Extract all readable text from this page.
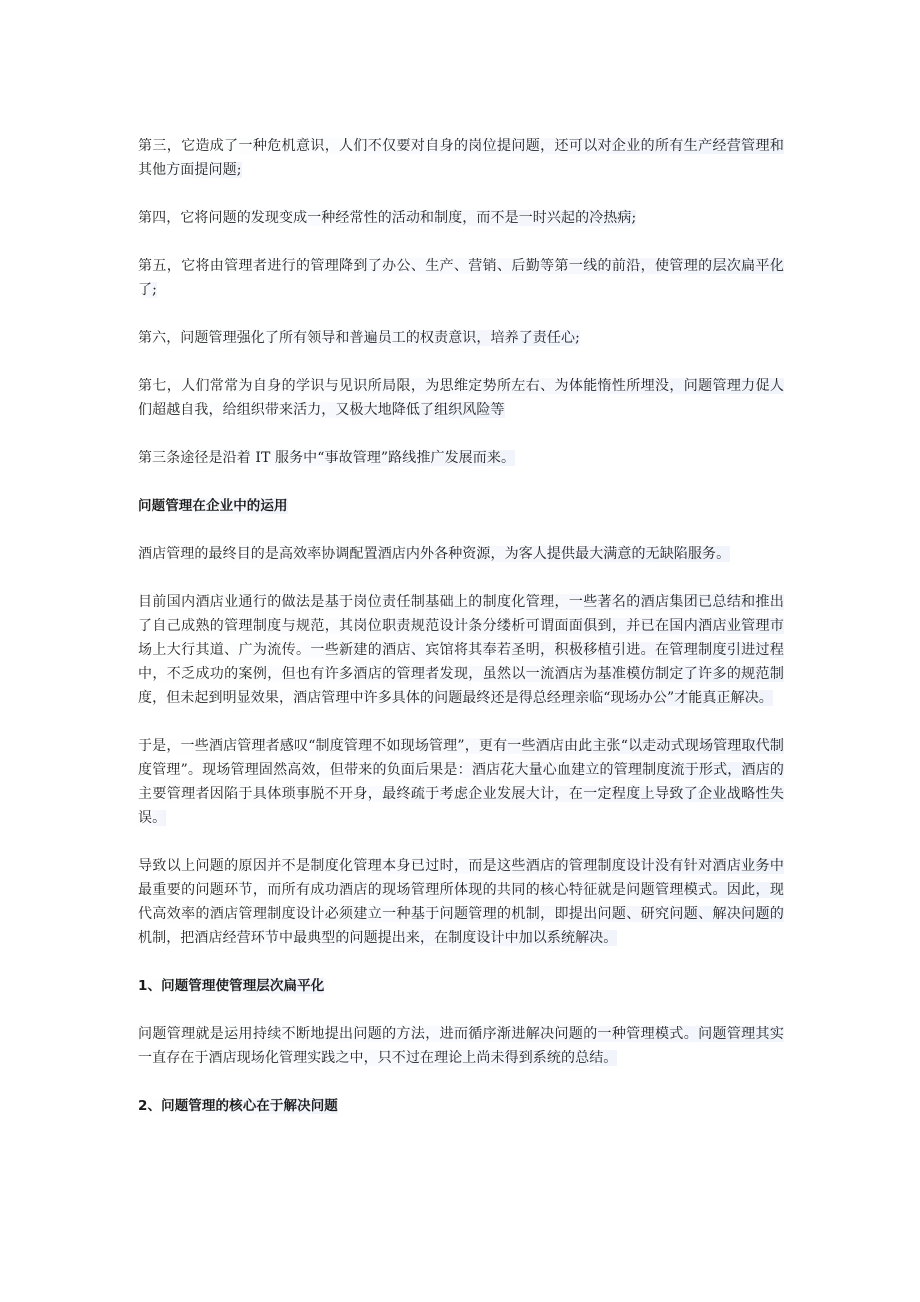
第三，它造成了一种危机意识，人们不仅要对自身的岗位提问题，还可以对企业的所有生产经营管理和其他方面提问题;

第四，它将问题的发现变成一种经常性的活动和制度，而不是一时兴起的冷热病;

第五，它将由管理者进行的管理降到了办公、生产、营销、后勤等第一线的前沿，使管理的层次扁平化了;

第六，问题管理强化了所有领导和普遍员工的权责意识，培养了责任心;

第七，人们常常为自身的学识与见识所局限，为思维定势所左右、为体能惰性所埋没，问题管理力促人们超越自我，给组织带来活力，又极大地降低了组织风险等

第三条途径是沿着 IT 服务中“事故管理”路线推广发展而来。

问题管理在企业中的运用

酒店管理的最终目的是高效率协调配置酒店内外各种资源，为客人提供最大满意的无缺陷服务。

目前国内酒店业通行的做法是基于岗位责任制基础上的制度化管理，一些著名的酒店集团已总结和推出了自己成熟的管理制度与规范，其岗位职责规范设计条分缕析可谓面面俱到，并已在国内酒店业管理市场上大行其道、广为流传。一些新建的酒店、宾馆将其奉若圣明，积极移植引进。在管理制度引进过程中，不乏成功的案例，但也有许多酒店的管理者发现，虽然以一流酒店为基准模仿制定了许多的规范制度，但未起到明显效果，酒店管理中许多具体的问题最终还是得总经理亲临“现场办公”才能真正解决。

于是，一些酒店管理者感叹“制度管理不如现场管理”，更有一些酒店由此主张“以走动式现场管理取代制度管理”。现场管理固然高效，但带来的负面后果是：酒店花大量心血建立的管理制度流于形式，酒店的主要管理者因陷于具体琐事脱不开身，最终疏于考虑企业发展大计，在一定程度上导致了企业战略性失误。

导致以上问题的原因并不是制度化管理本身已过时，而是这些酒店的管理制度设计没有针对酒店业务中最重要的问题环节，而所有成功酒店的现场管理所体现的共同的核心特征就是问题管理模式。因此，现代高效率的酒店管理制度设计必须建立一种基于问题管理的机制，即提出问题、研究问题、解决问题的机制，把酒店经营环节中最典型的问题提出来，在制度设计中加以系统解决。

1、问题管理使管理层次扁平化

问题管理就是运用持续不断地提出问题的方法，进而循序渐进解决问题的一种管理模式。问题管理其实一直存在于酒店现场化管理实践之中，只不过在理论上尚未得到系统的总结。

2、问题管理的核心在于解决问题
